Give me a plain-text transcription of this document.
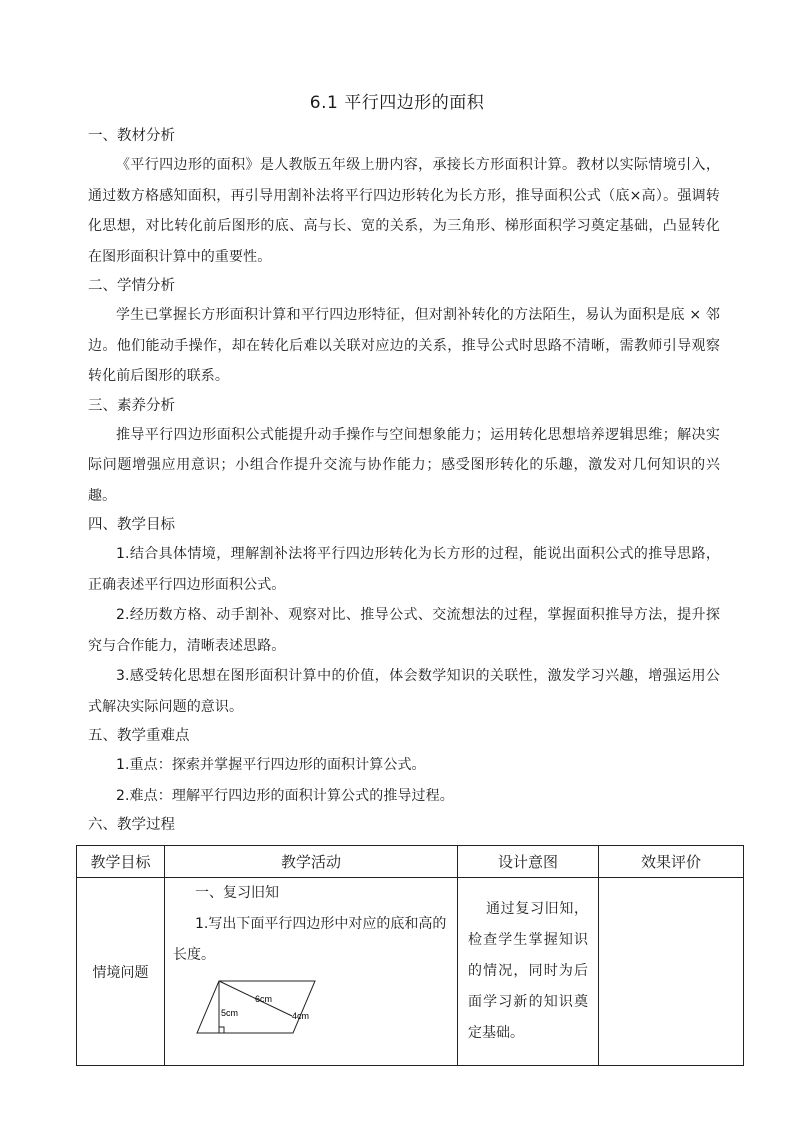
6.1 平行四边形的面积

一、教材分析

《平行四边形的面积》是人教版五年级上册内容，承接长方形面积计算。教材以实际情境引入，通过数方格感知面积，再引导用割补法将平行四边形转化为长方形，推导面积公式（底×高）。强调转化思想，对比转化前后图形的底、高与长、宽的关系，为三角形、梯形面积学习奠定基础，凸显转化在图形面积计算中的重要性。

二、学情分析

学生已掌握长方形面积计算和平行四边形特征，但对割补转化的方法陌生，易认为面积是底 × 邻边。他们能动手操作，却在转化后难以关联对应边的关系，推导公式时思路不清晰，需教师引导观察转化前后图形的联系。

三、素养分析

推导平行四边形面积公式能提升动手操作与空间想象能力；运用转化思想培养逻辑思维；解决实际问题增强应用意识；小组合作提升交流与协作能力；感受图形转化的乐趣，激发对几何知识的兴趣。

四、教学目标

1.结合具体情境，理解割补法将平行四边形转化为长方形的过程，能说出面积公式的推导思路，正确表述平行四边形面积公式。

2.经历数方格、动手割补、观察对比、推导公式、交流想法的过程，掌握面积推导方法，提升探究与合作能力，清晰表述思路。

3.感受转化思想在图形面积计算中的价值，体会数学知识的关联性，激发学习兴趣，增强运用公式解决实际问题的意识。

五、教学重难点

1.重点：探索并掌握平行四边形的面积计算公式。

2.难点：理解平行四边形的面积计算公式的推导过程。

六、教学过程

教学目标	教学活动	设计意图	效果评价
情境问题	一、复习旧知
1.写出下面平行四边形中对应的底和高的长度。
6cm
5cm 4cm	通过复习旧知，检查学生掌握知识的情况，同时为后面学习新的知识奠定基础。	
